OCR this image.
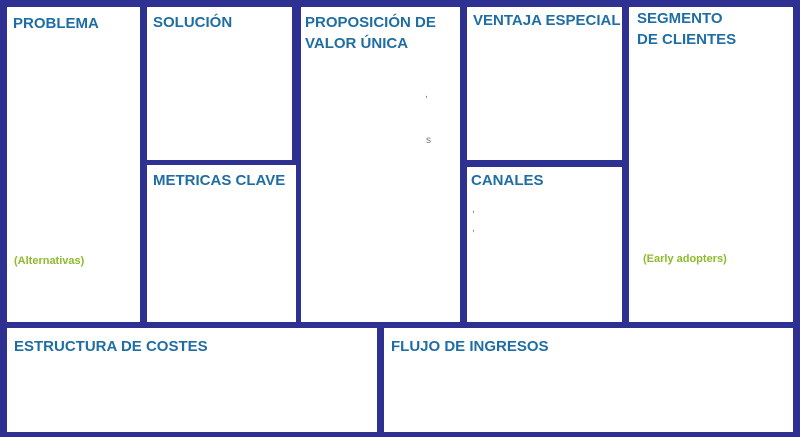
PROBLEMA
(Alternativas)
SOLUCIÓN
METRICAS CLAVE
PROPOSICIÓN DE
VALOR ÚNICA
,
s
VENTAJA ESPECIAL
CANALES
,
,
SEGMENTO
DE CLIENTES
(Early adopters)
ESTRUCTURA DE COSTES	FLUJO DE INGRESOS
